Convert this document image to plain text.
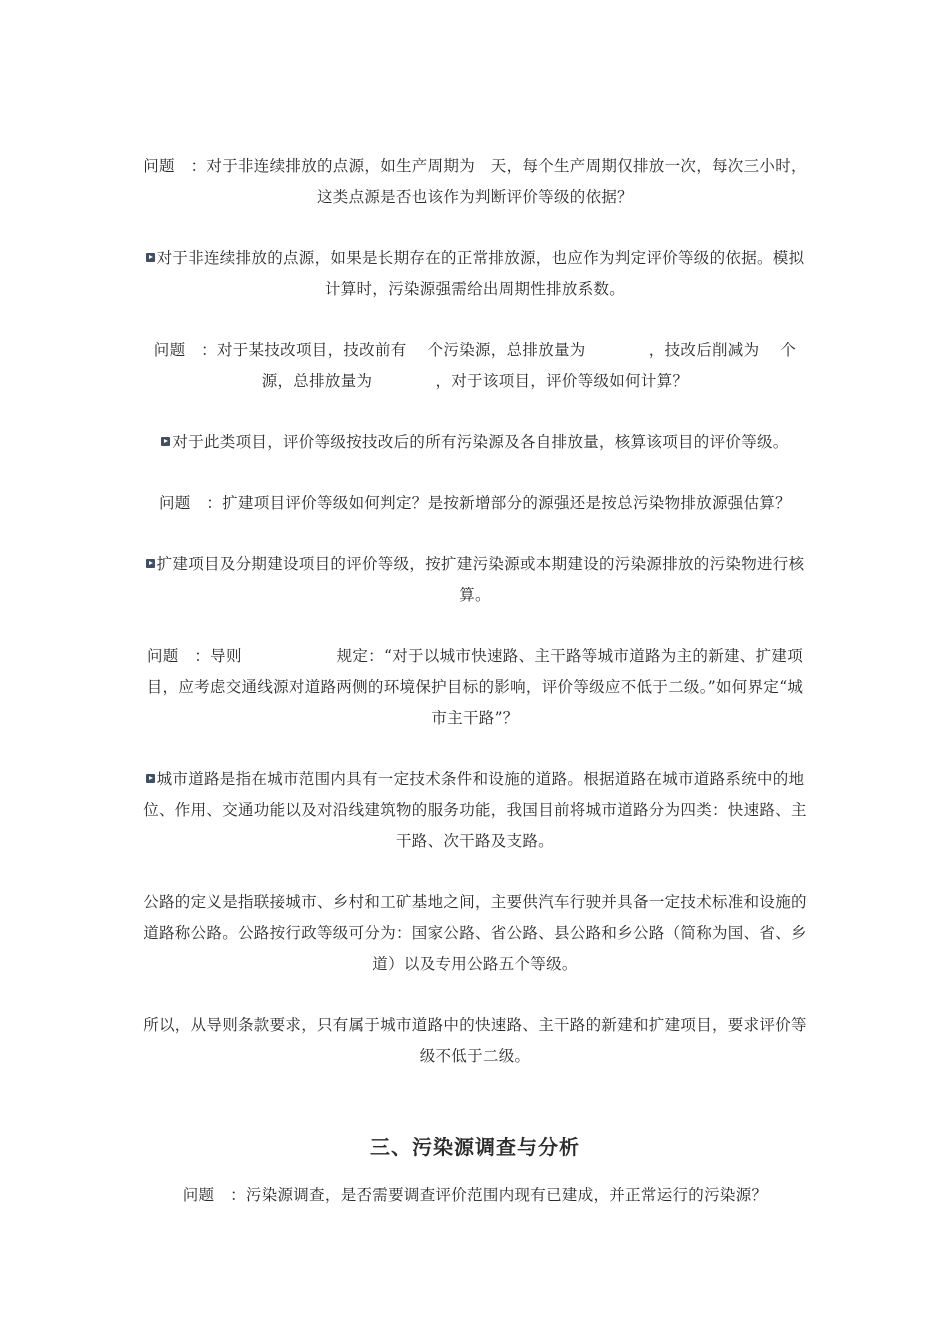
问题　：对于非连续排放的点源，如生产周期为　天，每个生产周期仅排放一次，每次三小时，这类点源是否也该作为判断评价等级的依据？

对于非连续排放的点源，如果是长期存在的正常排放源，也应作为判定评价等级的依据。模拟计算时，污染源强需给出周期性排放系数。

问题　：对于某技改项目，技改前有　 个污染源，总排放量为　　　　，技改后削减为　 个源，总排放量为　　　　，对于该项目，评价等级如何计算？

对于此类项目，评价等级按技改后的所有污染源及各自排放量，核算该项目的评价等级。

问题　：扩建项目评价等级如何判定？是按新增部分的源强还是按总污染物排放源强估算？

扩建项目及分期建设项目的评价等级，按扩建污染源或本期建设的污染源排放的污染物进行核算。

问题　：导则　　　　　　规定：“对于以城市快速路、主干路等城市道路为主的新建、扩建项目，应考虑交通线源对道路两侧的环境保护目标的影响，评价等级应不低于二级。”如何界定“城市主干路”？

城市道路是指在城市范围内具有一定技术条件和设施的道路。根据道路在城市道路系统中的地位、作用、交通功能以及对沿线建筑物的服务功能，我国目前将城市道路分为四类：快速路、主干路、次干路及支路。

公路的定义是指联接城市、乡村和工矿基地之间，主要供汽车行驶并具备一定技术标准和设施的道路称公路。公路按行政等级可分为：国家公路、省公路、县公路和乡公路（简称为国、省、乡道）以及专用公路五个等级。

所以，从导则条款要求，只有属于城市道路中的快速路、主干路的新建和扩建项目，要求评价等级不低于二级。

三、污染源调查与分析

问题　：污染源调查，是否需要调查评价范围内现有已建成，并正常运行的污染源？
